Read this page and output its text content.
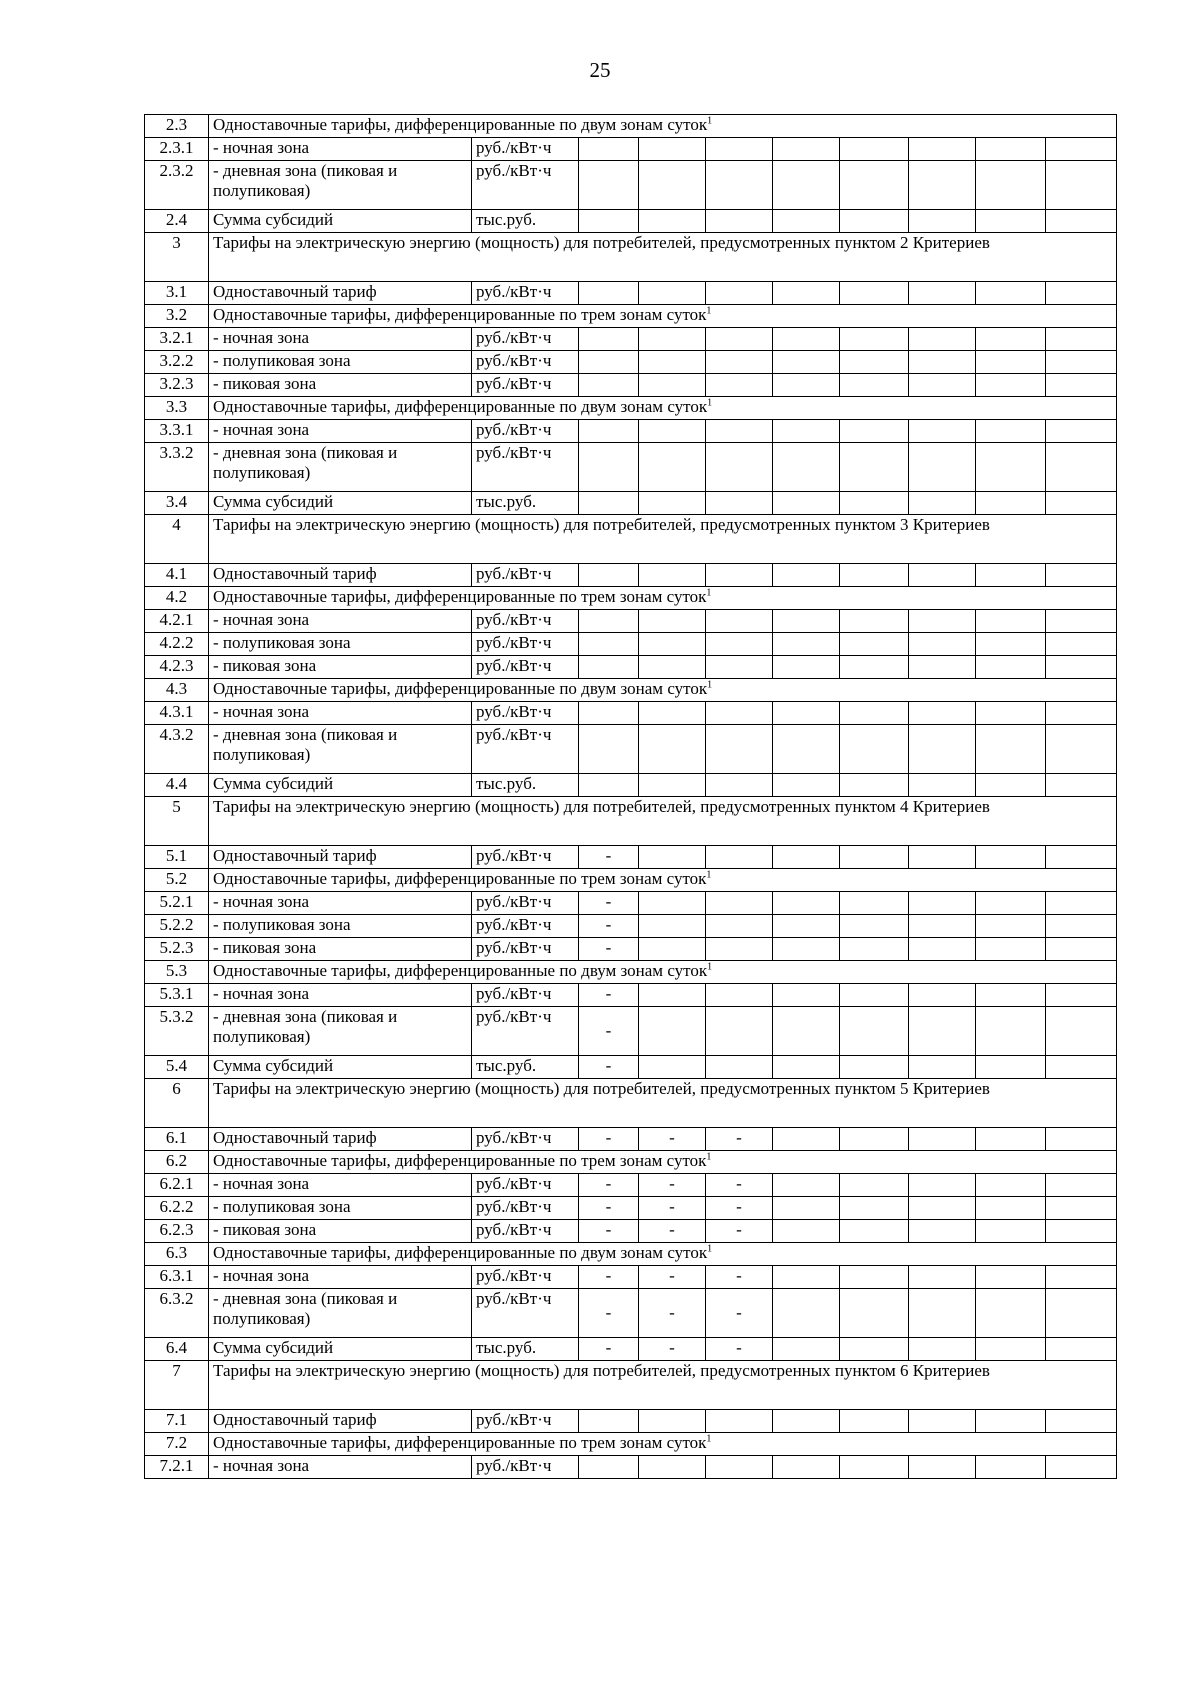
25
2.3	Одноставочные тарифы, дифференцированные по двум зонам суток$^1$
2.3.1	- ночная зона	руб./кВт·ч								
2.3.2	- дневная зона (пиковая и полупиковая)	руб./кВт·ч								
2.4	Сумма субсидий	тыс.руб.								
3	Тарифы на электрическую энергию (мощность) для потребителей, предусмотренных пунктом 2 Критериев									
3.1	Одноставочный тариф	руб./кВт·ч								
3.2	Одноставочные тарифы, дифференцированные по трем зонам суток$^1$
3.2.1	- ночная зона	руб./кВт·ч								
3.2.2	- полупиковая зона	руб./кВт·ч								
3.2.3	- пиковая зона	руб./кВт·ч								
3.3	Одноставочные тарифы, дифференцированные по двум зонам суток$^1$
3.3.1	- ночная зона	руб./кВт·ч								
3.3.2	- дневная зона (пиковая и полупиковая)	руб./кВт·ч								
3.4	Сумма субсидий	тыс.руб.								
4	Тарифы на электрическую энергию (мощность) для потребителей, предусмотренных пунктом 3 Критериев									
4.1	Одноставочный тариф	руб./кВт·ч								
4.2	Одноставочные тарифы, дифференцированные по трем зонам суток$^1$
4.2.1	- ночная зона	руб./кВт·ч								
4.2.2	- полупиковая зона	руб./кВт·ч								
4.2.3	- пиковая зона	руб./кВт·ч								
4.3	Одноставочные тарифы, дифференцированные по двум зонам суток$^1$
4.3.1	- ночная зона	руб./кВт·ч								
4.3.2	- дневная зона (пиковая и полупиковая)	руб./кВт·ч								
4.4	Сумма субсидий	тыс.руб.								
5	Тарифы на электрическую энергию (мощность) для потребителей, предусмотренных пунктом 4 Критериев									
5.1	Одноставочный тариф	руб./кВт·ч	-							
5.2	Одноставочные тарифы, дифференцированные по трем зонам суток$^1$
5.2.1	- ночная зона	руб./кВт·ч	-							
5.2.2	- полупиковая зона	руб./кВт·ч	-							
5.2.3	- пиковая зона	руб./кВт·ч	-							
5.3	Одноставочные тарифы, дифференцированные по двум зонам суток$^1$
5.3.1	- ночная зона	руб./кВт·ч	-							
5.3.2	- дневная зона (пиковая и полупиковая)	руб./кВт·ч	-							
5.4	Сумма субсидий	тыс.руб.	-							
6	Тарифы на электрическую энергию (мощность) для потребителей, предусмотренных пунктом 5 Критериев									
6.1	Одноставочный тариф	руб./кВт·ч	-	-	-					
6.2	Одноставочные тарифы, дифференцированные по трем зонам суток$^1$
6.2.1	- ночная зона	руб./кВт·ч	-	-	-					
6.2.2	- полупиковая зона	руб./кВт·ч	-	-	-					
6.2.3	- пиковая зона	руб./кВт·ч	-	-	-					
6.3	Одноставочные тарифы, дифференцированные по двум зонам суток$^1$
6.3.1	- ночная зона	руб./кВт·ч	-	-	-					
6.3.2	- дневная зона (пиковая и полупиковая)	руб./кВт·ч	-	-	-					
6.4	Сумма субсидий	тыс.руб.	-	-	-					
7	Тарифы на электрическую энергию (мощность) для потребителей, предусмотренных пунктом 6 Критериев									
7.1	Одноставочный тариф	руб./кВт·ч								
7.2	Одноставочные тарифы, дифференцированные по трем зонам суток$^1$
7.2.1	- ночная зона	руб./кВт·ч								
